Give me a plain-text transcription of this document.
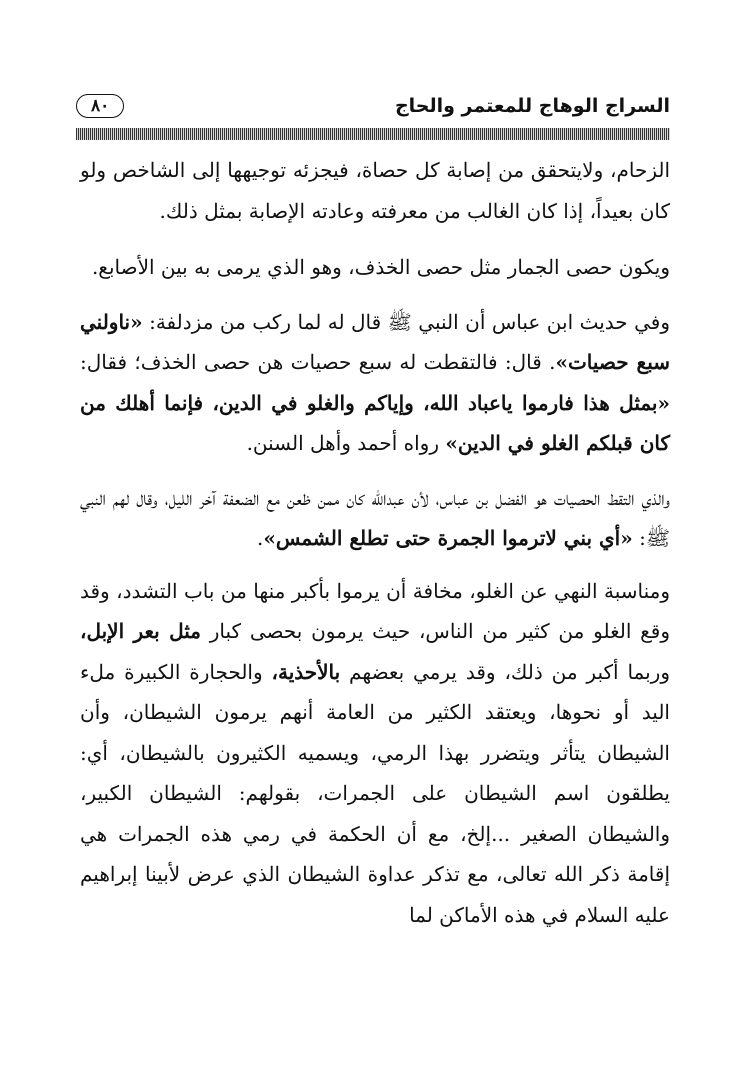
السراج الوهاج للمعتمر والحاج
٨٠

الزحام، ولايتحقق من إصابة كل حصاة، فيجزئه توجيهها إلى الشاخص ولو كان بعيداً، إذا كان الغالب من معرفته وعادته الإصابة بمثل ذلك.

ويكون حصى الجمار مثل حصى الخذف، وهو الذي يرمى به بين الأصابع.

وفي حديث ابن عباس أن النبي ﷺ قال له لما ركب من مزدلفة: «ناولني سبع حصيات». قال: فالتقطت له سبع حصيات هن حصى الخذف؛ فقال: «بمثل هذا فارموا ياعباد الله، وإياكم والغلو في الدين، فإنما أهلك من كان قبلكم الغلو في الدين» رواه أحمد وأهل السنن.

والذي التقط الحصيات هو الفضل بن عباس، لأن عبدالله كان ممن ظعن مع الضعفة آخر الليل، وقال لهم النبي ﷺ: «أي بني لاترموا الجمرة حتى تطلع الشمس».

ومناسبة النهي عن الغلو، مخافة أن يرموا بأكبر منها من باب التشدد، وقد وقع الغلو من كثير من الناس، حيث يرمون بحصى كبار مثل بعر الإبل، وربما أكبر من ذلك، وقد يرمي بعضهم بالأحذية، والحجارة الكبيرة ملء اليد أو نحوها، ويعتقد الكثير من العامة أنهم يرمون الشيطان، وأن الشيطان يتأثر ويتضرر بهذا الرمي، ويسميه الكثيرون بالشيطان، أي: يطلقون اسم الشيطان على الجمرات، بقولهم: الشيطان الكبير، والشيطان الصغير ...إلخ، مع أن الحكمة في رمي هذه الجمرات هي إقامة ذكر الله تعالى، مع تذكر عداوة الشيطان الذي عرض لأبينا إبراهيم عليه السلام في هذه الأماكن لما
